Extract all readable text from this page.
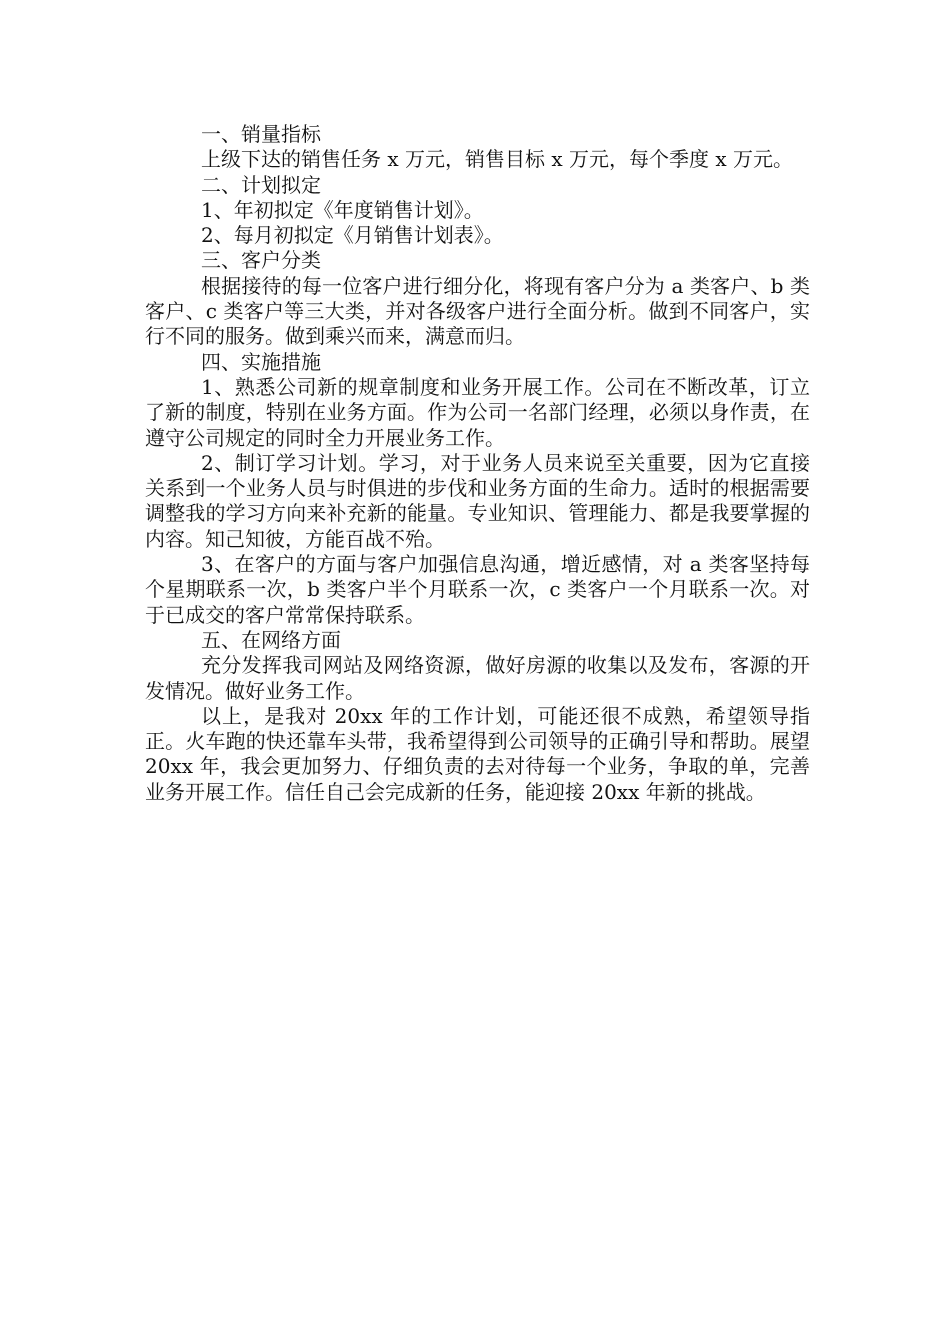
一、销量指标

上级下达的销售任务 x 万元，销售目标 x 万元，每个季度 x 万元。

二、计划拟定

1、年初拟定《年度销售计划》。

2、每月初拟定《月销售计划表》。

三、客户分类

根据接待的每一位客户进行细分化，将现有客户分为 a 类客户、b 类客户、c 类客户等三大类，并对各级客户进行全面分析。做到不同客户，实行不同的服务。做到乘兴而来，满意而归。

四、实施措施

1、熟悉公司新的规章制度和业务开展工作。公司在不断改革，订立了新的制度，特别在业务方面。作为公司一名部门经理，必须以身作责，在遵守公司规定的同时全力开展业务工作。

2、制订学习计划。学习，对于业务人员来说至关重要，因为它直接关系到一个业务人员与时俱进的步伐和业务方面的生命力。适时的根据需要调整我的学习方向来补充新的能量。专业知识、管理能力、都是我要掌握的内容。知己知彼，方能百战不殆。

3、在客户的方面与客户加强信息沟通，增近感情，对 a 类客坚持每个星期联系一次，b 类客户半个月联系一次，c 类客户一个月联系一次。对于已成交的客户常常保持联系。

五、在网络方面

充分发挥我司网站及网络资源，做好房源的收集以及发布，客源的开发情况。做好业务工作。

以上，是我对 20xx 年的工作计划，可能还很不成熟，希望领导指正。火车跑的快还靠车头带，我希望得到公司领导的正确引导和帮助。展望 20xx 年，我会更加努力、仔细负责的去对待每一个业务，争取的单，完善业务开展工作。信任自己会完成新的任务，能迎接 20xx 年新的挑战。
